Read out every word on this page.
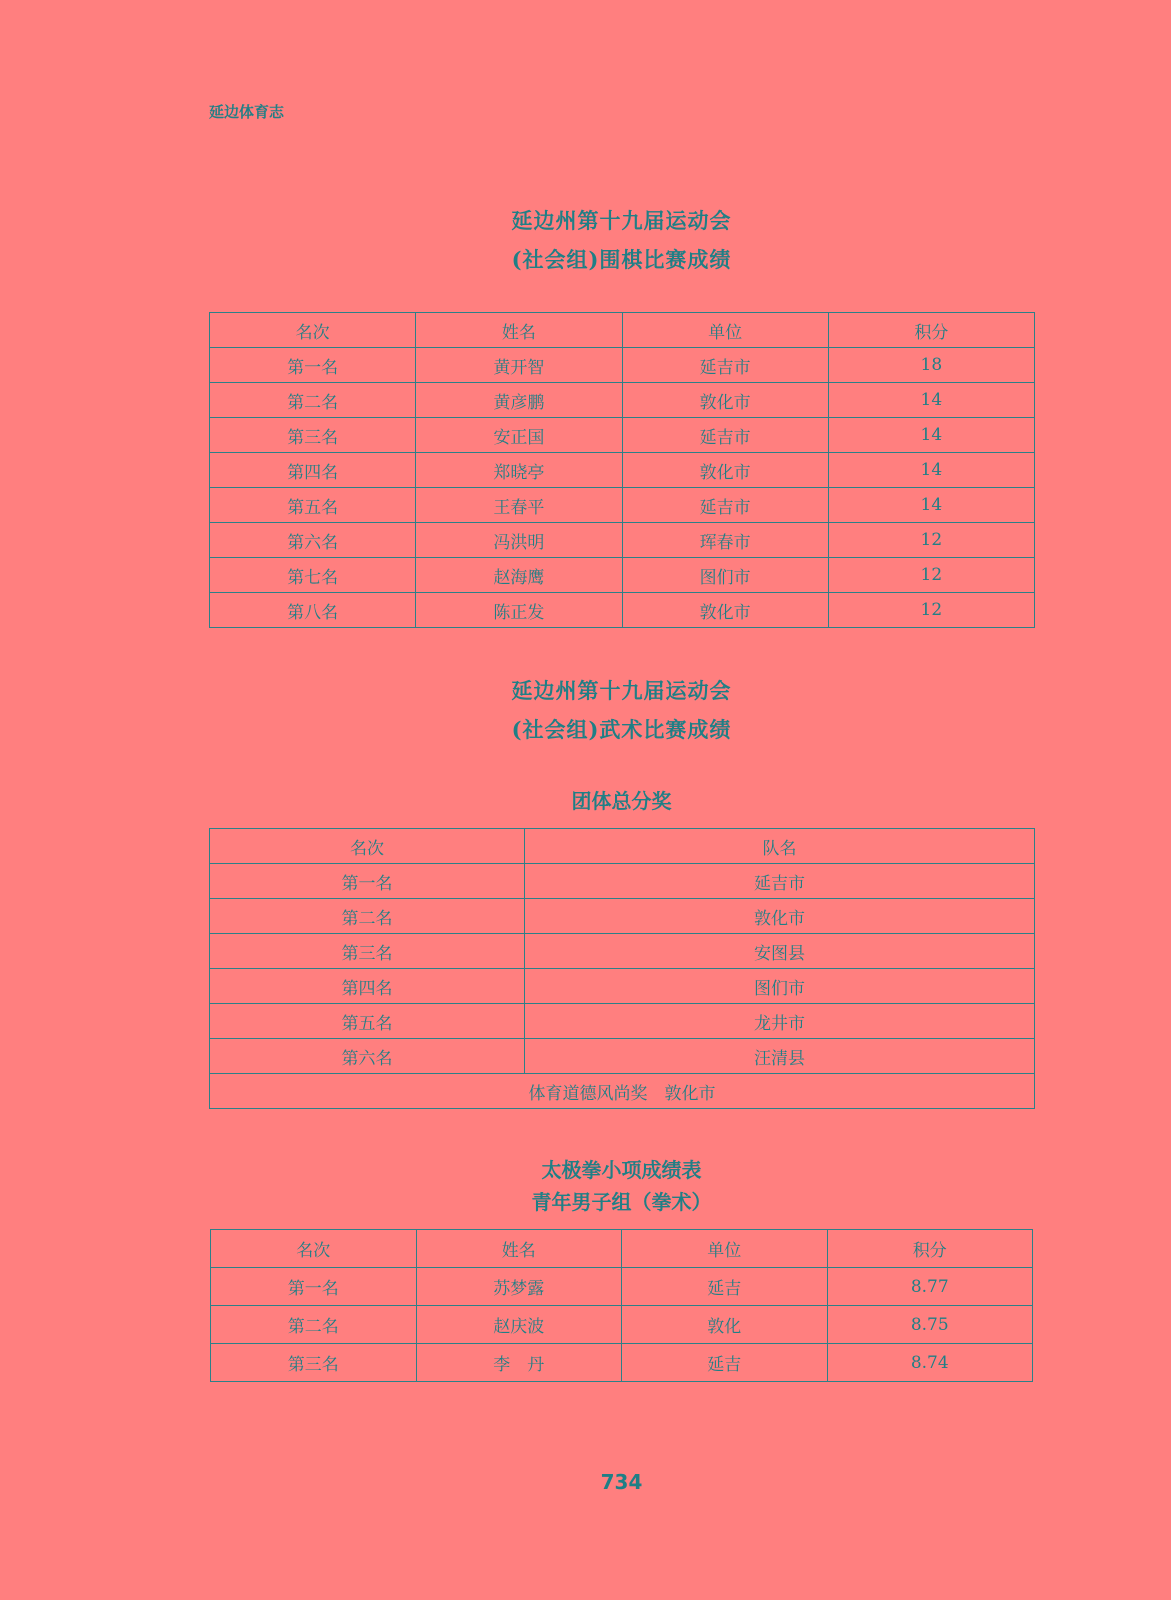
延边体育志
延边州第十九届运动会
(社会组)围棋比赛成绩
名次	姓名	单位	积分
第一名	黄开智	延吉市	18
第二名	黄彦鹏	敦化市	14
第三名	安正国	延吉市	14
第四名	郑晓亭	敦化市	14
第五名	王春平	延吉市	14
第六名	冯洪明	珲春市	12
第七名	赵海鹰	图们市	12
第八名	陈正发	敦化市	12
延边州第十九届运动会
(社会组)武术比赛成绩
团体总分奖
名次	队名
第一名	延吉市
第二名	敦化市
第三名	安图县
第四名	图们市
第五名	龙井市
第六名	汪清县
体育道德风尚奖　敦化市	
太极拳小项成绩表
青年男子组（拳术）
名次	姓名	单位	积分
第一名	苏梦露	延吉	8.77
第二名	赵庆波	敦化	8.75
第三名	李　丹	延吉	8.74
734
